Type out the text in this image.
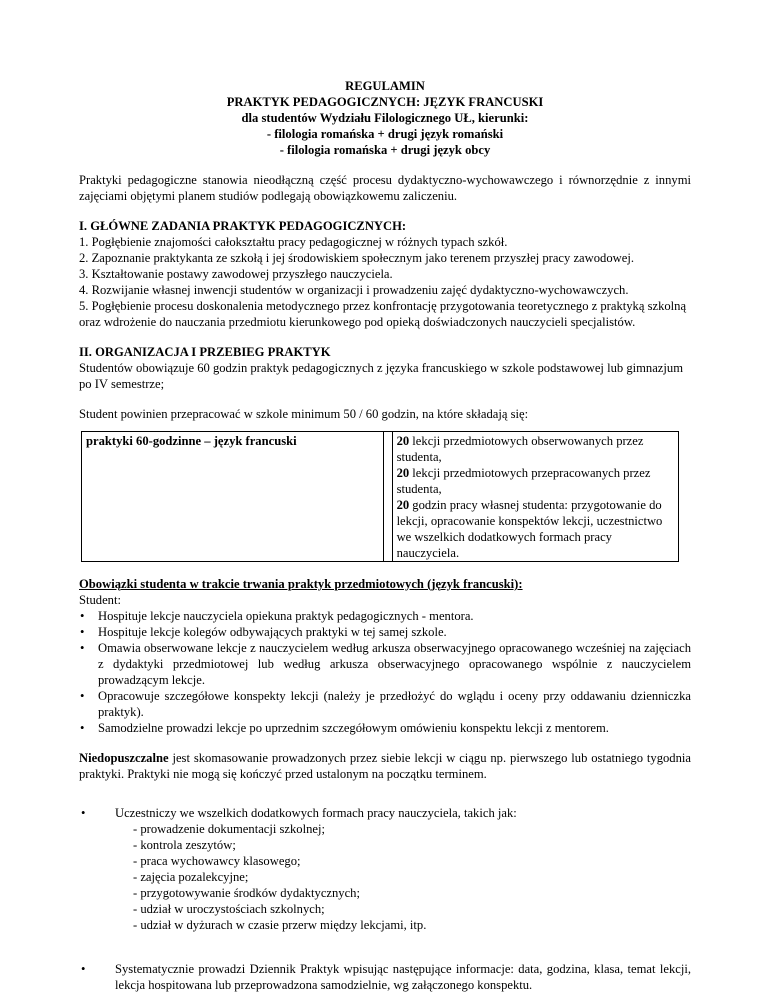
REGULAMIN
PRAKTYK PEDAGOGICZNYCH: JĘZYK FRANCUSKI
dla studentów Wydziału Filologicznego UŁ, kierunki:
- filologia romańska + drugi język romański
- filologia romańska + drugi język obcy

Praktyki pedagogiczne stanowia nieodłączną część procesu dydaktyczno-wychowawczego i równorzędnie z innymi zajęciami objętymi planem studiów podlegają obowiązkowemu zaliczeniu.

I. GŁÓWNE ZADANIA PRAKTYK PEDAGOGICZNYCH:

1. Pogłębienie znajomości całokształtu pracy pedagogicznej w różnych typach szkół.

2. Zapoznanie praktykanta ze szkołą i jej środowiskiem społecznym jako terenem przyszłej pracy zawodowej.

3. Kształtowanie postawy zawodowej przyszłego nauczyciela.

4. Rozwijanie własnej inwencji studentów w organizacji i prowadzeniu zajęć dydaktyczno-wychowawczych.

5. Pogłębienie procesu doskonalenia metodycznego przez konfrontację przygotowania teoretycznego z praktyką szkolną oraz wdrożenie do nauczania przedmiotu kierunkowego pod opieką doświadczonych nauczycieli specjalistów.

II. ORGANIZACJA I PRZEBIEG PRAKTYK

Studentów obowiązuje 60 godzin praktyk pedagogicznych z języka francuskiego w szkole podstawowej lub gimnazjum po IV semestrze;

Student powinien przepracować w szkole minimum 50 / 60 godzin, na które składają się:

praktyki 60-godzinne – język francuski		20 lekcji przedmiotowych obserwowanych przez studenta,
20 lekcji przedmiotowych przepracowanych przez studenta,
20 godzin pracy własnej studenta: przygotowanie do lekcji, opracowanie konspektów lekcji, uczestnictwo we wszelkich dodatkowych formach pracy nauczyciela.

Obowiązki studenta w trakcie trwania praktyk przedmiotowych (język francuski):

Student:

• Hospituje lekcje nauczyciela opiekuna praktyk pedagogicznych - mentora.
• Hospituje lekcje kolegów odbywających praktyki w tej samej szkole.
• Omawia obserwowane lekcje z nauczycielem według arkusza obserwacyjnego opracowanego wcześniej na zajęciach z dydaktyki przedmiotowej lub według arkusza obserwacyjnego opracowanego wspólnie z nauczycielem prowadzącym lekcje.
• Opracowuje szczegółowe konspekty lekcji (należy je przedłożyć do wglądu i oceny przy oddawaniu dzienniczka praktyk).
• Samodzielne prowadzi lekcje po uprzednim szczegółowym omówieniu konspektu lekcji z mentorem.

Niedopuszczalne jest skomasowanie prowadzonych przez siebie lekcji w ciągu np. pierwszego lub ostatniego tygodnia praktyki. Praktyki nie mogą się kończyć przed ustalonym na początku terminem.

• Uczestniczy we wszelkich dodatkowych formach pracy nauczyciela, takich jak:
- prowadzenie dokumentacji szkolnej;
- kontrola zeszytów;
- praca wychowawcy klasowego;
- zajęcia pozalekcyjne;
- przygotowywanie środków dydaktycznych;
- udział w uroczystościach szkolnych;
- udział w dyżurach w czasie przerw między lekcjami, itp.
• Systematycznie prowadzi Dziennik Praktyk wpisując następujące informacje: data, godzina, klasa, temat lekcji, lekcja hospitowana lub przeprowadzona samodzielnie, wg załączonego konspektu.
